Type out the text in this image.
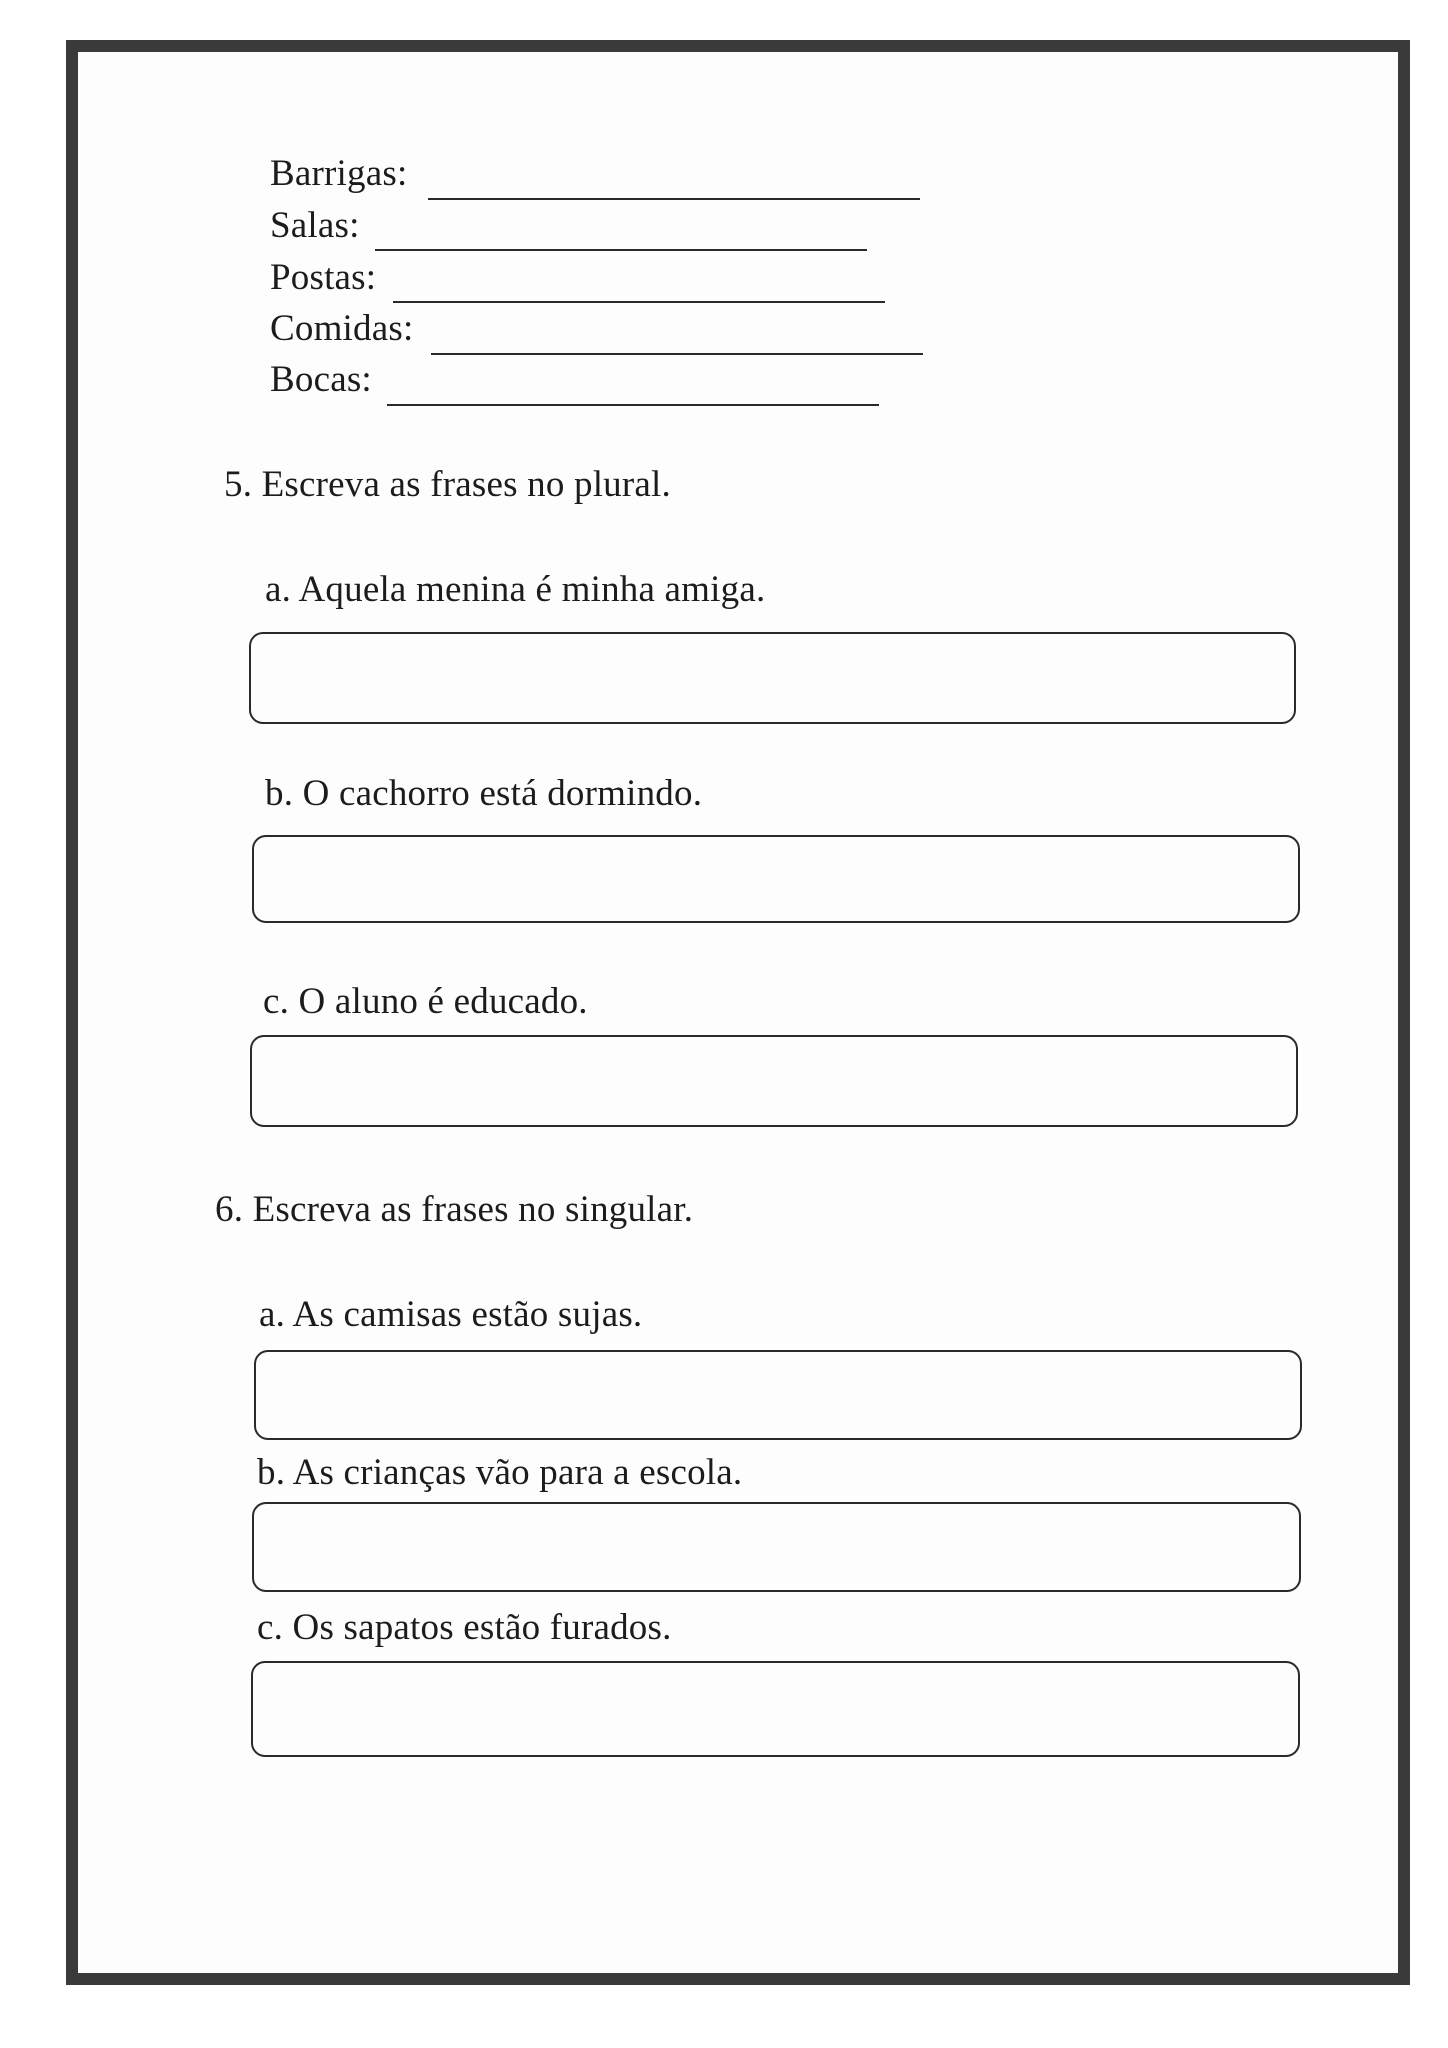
Barrigas:
Salas:
Postas:
Comidas:
Bocas:
5. Escreva as frases no plural.
a. Aquela menina é minha amiga.
b. O cachorro está dormindo.
c. O aluno é educado.
6. Escreva as frases no singular.
a. As camisas estão sujas.
b. As crianças vão para a escola.
c. Os sapatos estão furados.
